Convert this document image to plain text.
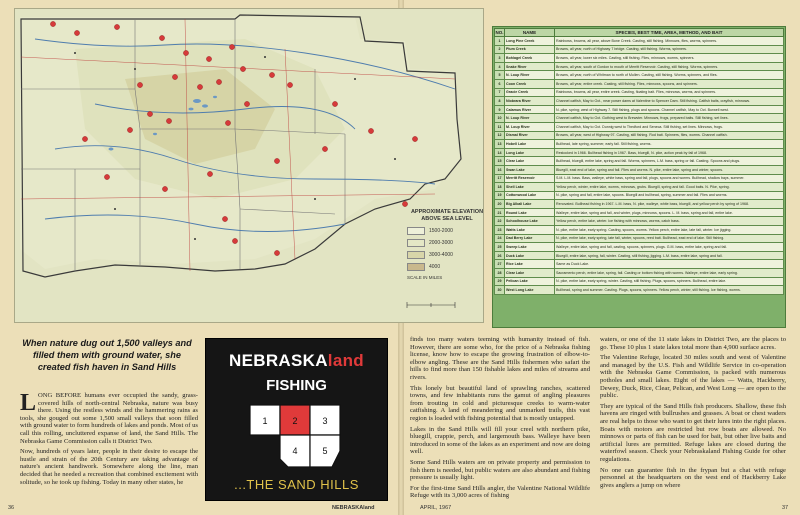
APPROXIMATE ELEVATION ABOVE SEA LEVEL
1500-2000
2000-3000
3000-4000
4000
SCALE IN MILES
NO.	NAME	SPECIES, BEST TIME, AREA, METHOD, AND BAIT
1	Long Pine Creek	Rainbows, browns, all year, above Bone Creek. Casting, still fishing. Minnows, flies, worms, spinners.
2	Plum Creek	Browns, all year, north of Highway 7 bridge. Casting, still fishing. Worms, spinners.
3	Bohlagel Creek	Browns, all year, lower six miles. Casting, still fishing. Flies, minnows, worms, spinners.
4	Snake River	Browns, all year, south of Gordon to mouth of Merritt Reservoir. Casting, still fishing. Worms, spinners.
5	N. Loup River	Browns, all year, north of Whitman to north of Mullen. Casting, still fishing. Worms, spinners, and flies.
6	Coon Creek	Browns, all year, entire creek. Casting, still fishing. Flies, minnows, spoons, and spinners.
7	Gracie Creek	Rainbows, browns, all year, entire creek. Casting, floating bait. Flies, minnows, worms, and spinners.
8	Niobrara River	Channel catfish, May to Oct., near power dams at Valentine to Spencer Dam. Still fishing. Catfish baits, crayfish, minnows.
9	Calamus River	N. pike, spring; west of Highway 7. Still fishing, plugs and spoons. Channel catfish, May to Oct. Burwell west.
10	N. Loup River	Channel catfish, May to Oct. Guthing west to Brewster. Minnows, frogs, prepared baits. Still fishing, set lines.
11	M. Loup River	Channel catfish, May to Oct. Dunnig west to Thedford and Seneca. Still fishing, set lines. Minnows, frogs.
12	Dismal River	Browns, all year, west of Highway 97. Casting, still fishing. Rod bait. Spinners, flies, worms. Channel catfish.
13	Hobell Lake	Bullhead, late spring, summer, early fall. Still fishing, worms.
14	Long Lake	Restocked in 1966. Bullhead fishing in 1967. Bass, bluegill, N. pike, action peak by fall of 1968.
15	Clear Lake	Bullhead, bluegill, entire lake, spring and fall. Worms, spinners, L.M. bass, spring or fall. Casting. Spoons and plugs.
16	Swan Lake	Bluegill, east end of lake, spring and fall. Flies and worms. N. pike, entire lake, spring and winter, spoons.
17	Merritt Reservoir	S.M. L.M. bass. Bass, walleye, white bass, spring and fall, plugs, spoons and worms. Bullhead, shallow bays, summer.
18	Shell Lake	Yellow perch, winter, entire lake, worms, minnows, grubs. Bluegill, spring and fall. Good baits. N. Pike, spring.
19	Cottonwood Lake	N. pike, spring and fall, entire lake, spoons. Bluegill and bullhead, spring, summer and fall. Flies and worms.
20	Big Alkali Lake	Renovated. Bullhead fishing in 1967. L.M. bass, N. pike, walleye, white bass, bluegill, and yellow perch by spring of 1968.
21	Round Lake	Walleye, entire lake, spring and fall, and winter, plugs, minnows, spoons. L. M. bass, spring and fall, entire lake.
22	Schoolhouse Lake	Yellow perch, entire lake, winter. Ice fishing with minnows, worms, catch bass.
23	Watts Lake	N. pike, entire lake, early spring. Casting, spoons, worms. Yellow perch, entire lake, late fall, winter. Ice jigging.
24	Dad Berry Lake	N. pike, entire lake, early spring, late fall, winter, spoons, reed bait. Bullhead, east end of lake. Still fishing.
25	Sweep Lake	Walleye, entire lake, spring and fall, casting, spoons, spinners, plugs. G.M. bass, entire lake, spring and fall.
26	Duck Lake	Bluegill, entire lake, spring, fall, winter. Casting, still fishing, jigging. L.M. bass, entire lake, spring and fall.
27	Rice Lake	Same as Duck Lake.
28	Clear Lake	Sacramento perch, entire lake, spring, fall. Casting or bottom fishing with worms. Walleye, entire lake, early spring.
29	Pelican Lake	N. pike, entire lake, early spring, winter. Casting, still fishing. Plugs, spoons, spinners. Bullhead, entire lake.
30	West Long Lake	Bullhead, spring and summer. Casting. Plugs, spoons, spinners. Yellow perch, winter, still fishing. Ice fishing, worms.
When nature dug out 1,500 valleys and filled them with ground water, she created fish haven in Sand Hills

LONG BEFORE humans ever occupied the sandy, grass-covered hills of north-central Nebraska, nature was busy there. Using the restless winds and the hammering rains as tools, she gouged out some 1,500 small valleys that soon filled with ground water to form hundreds of lakes and ponds. Most of us call this rolling, uncluttered expanse of land, the Sand Hills. The Nebraska Game Commission calls it District Two.

Now, hundreds of years later, people in their desire to escape the hustle and strain of the 20th Century are taking advantage of nature's ancient handiwork. Somewhere along the line, man decided that he needed a recreation that combined excitement with solitude, so he took up fishing. Today in many other states, he

NEBRASKAland
FISHING
1	2	3
4	5
...THE SAND HILLS

finds too many waters teeming with humanity instead of fish. However, there are some who, for the price of a Nebraska fishing license, know how to escape the growing frustration of elbow-to-elbow angling. These are the Sand Hills fishermen who safari the hills to find more than 150 fishable lakes and miles of streams and rivers.

This lonely but beautiful land of sprawling ranches, scattered towns, and few inhabitants runs the gamut of angling pleasures from trouting in cold and picturesque creeks to warm-water catfishing. A land of meandering and unmarked trails, this vast region is loaded with fishing potential that is mostly untapped.

Lakes in the Sand Hills will fill your creel with northern pike, bluegill, crappie, perch, and largemouth bass. Walleye have been introduced in some of the lakes as an experiment and now are doing well.

Some Sand Hills waters are on private property and permission to fish them is needed, but public waters are also abundant and fishing pressure is usually light.

For the first-time Sand Hills angler, the Valentine National Wildlife Refuge with its 3,000 acres of fishing

waters, or one of the 11 state lakes in District Two, are the places to go. These 10 plus 1 state lakes total more than 4,900 surface acres.

The Valentine Refuge, located 30 miles south and west of Valentine and managed by the U.S. Fish and Wildlife Service in co-operation with the Nebraska Game Commission, is packed with numerous potholes and small lakes. Eight of the lakes — Watts, Hackberry, Dewey, Duck, Rice, Clear, Pelican, and West Long — are open to the public.

They are typical of the Sand Hills fish producers. Shallow, these fish havens are ringed with bullrushes and grasses. A boat or chest waders are real helps to those who want to get their lures into the right places. Boats with motors are restricted but row boats are allowed. No minnows or parts of fish can be used for bait, but other live baits and artificial lures are permitted. Refuge lakes are closed during the waterfowl season. Check your Nebraskaland Fishing Guide for other regulations.

No one can guarantee fish in the frypan but a chat with refuge personnel at the headquarters on the west end of Hackberry Lake gives anglers a jump on where

36	NEBRASKAland	APRIL, 1967	37
